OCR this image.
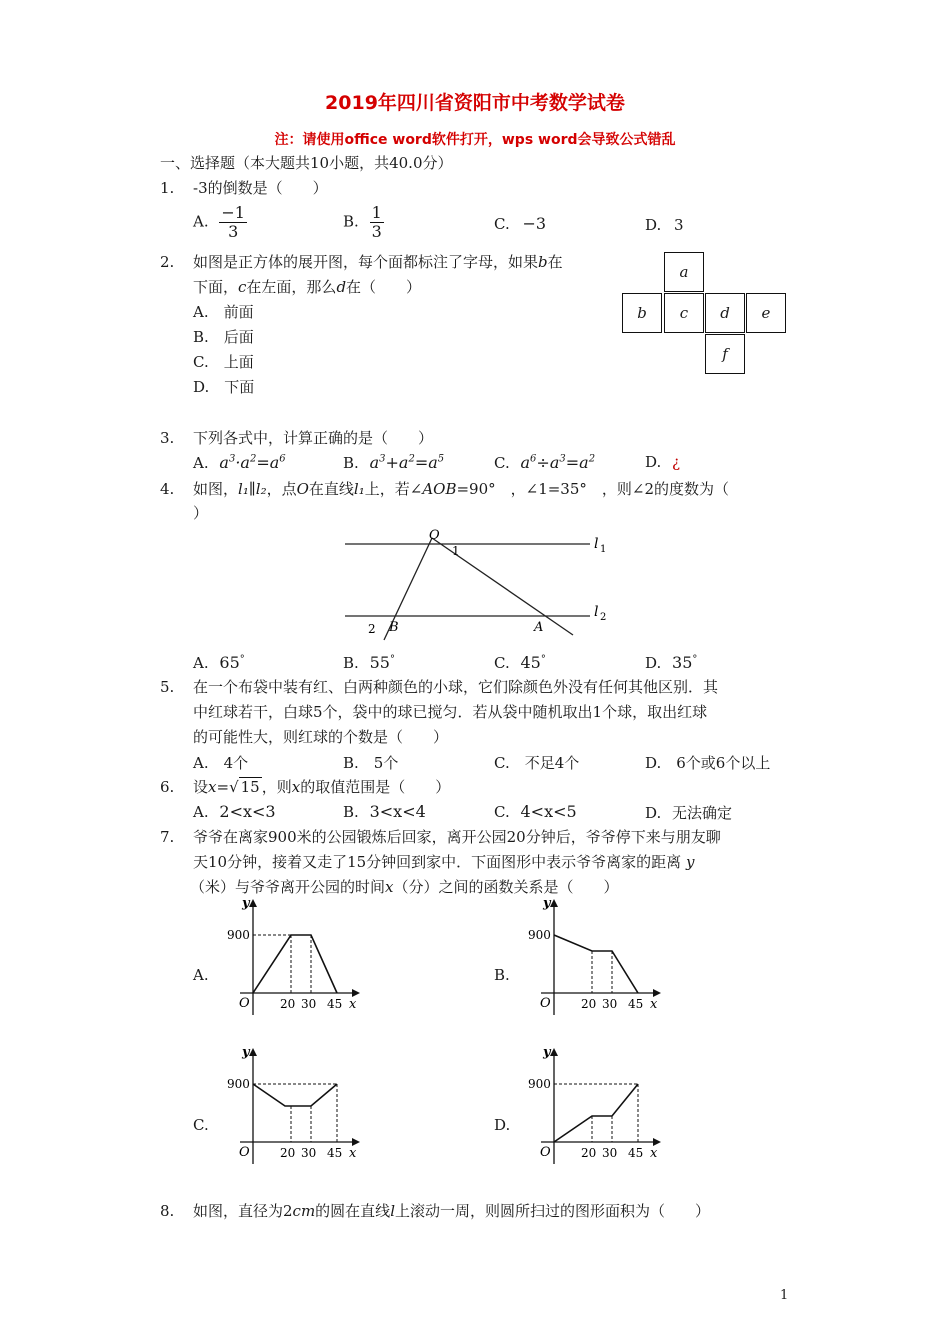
2019年四川省资阳市中考数学试卷
注：请使用office word软件打开，wps word会导致公式错乱
一、选择题（本大题共10小题，共40.0分）
1. -3的倒数是（　　）
A. $\frac{-1}{3}$	B. $\frac{1}{3}$	C. −3	D. 3
2. 如图是正方体的展开图，每个面都标注了字母，如果b在
下面，c在左面，那么d在（　　）
A.　前面
B.　后面
C.　上面
D.　下面
a
b	c	d	e
f
3. 下列各式中，计算正确的是（　　）
A. $a^3\cdot a^2=a^6$	B. $a^3+a^2=a^5$	C. $a^6\div a^3=a^2$	D. ¿
4. 如图，l₁∥l₂，点O在直线l₁上，若∠AOB=90°　，∠1=35°　，则∠2的度数为（
）
O
1
2 B	A
l 1
l 2
A. 65°	B. 55°	C. 45°	D. 35°
5. 在一个布袋中装有红、白两种颜色的小球，它们除颜色外没有任何其他区别．其
中红球若干，白球5个，袋中的球已搅匀．若从袋中随机取出1个球，取出红球
的可能性大，则红球的个数是（　　）
A.　4个	B.　5个	C.　不足4个	D.　6个或6个以上
6. 设x=√ 15 ，则x的取值范围是（　　）
A. 2<x<3	B. 3<x<4	C. 4<x<5	D. 无法确定
7. 爷爷在离家900米的公园锻炼后回家，离开公园20分钟后，爷爷停下来与朋友聊
天10分钟，接着又走了15分钟回到家中．下面图形中表示爷爷离家的距离 y
（米）与爷爷离开公园的时间x（分）之间的函数关系是（　　）
A.	B.
C.	D.
y
900
O	20 30 45 x
y
900
O	20 30 45 x
y
900
O	20 30 45 x
y
900
O	20 30 45 x
8. 如图，直径为2cm的圆在直线l上滚动一周，则圆所扫过的图形面积为（　　）
1
